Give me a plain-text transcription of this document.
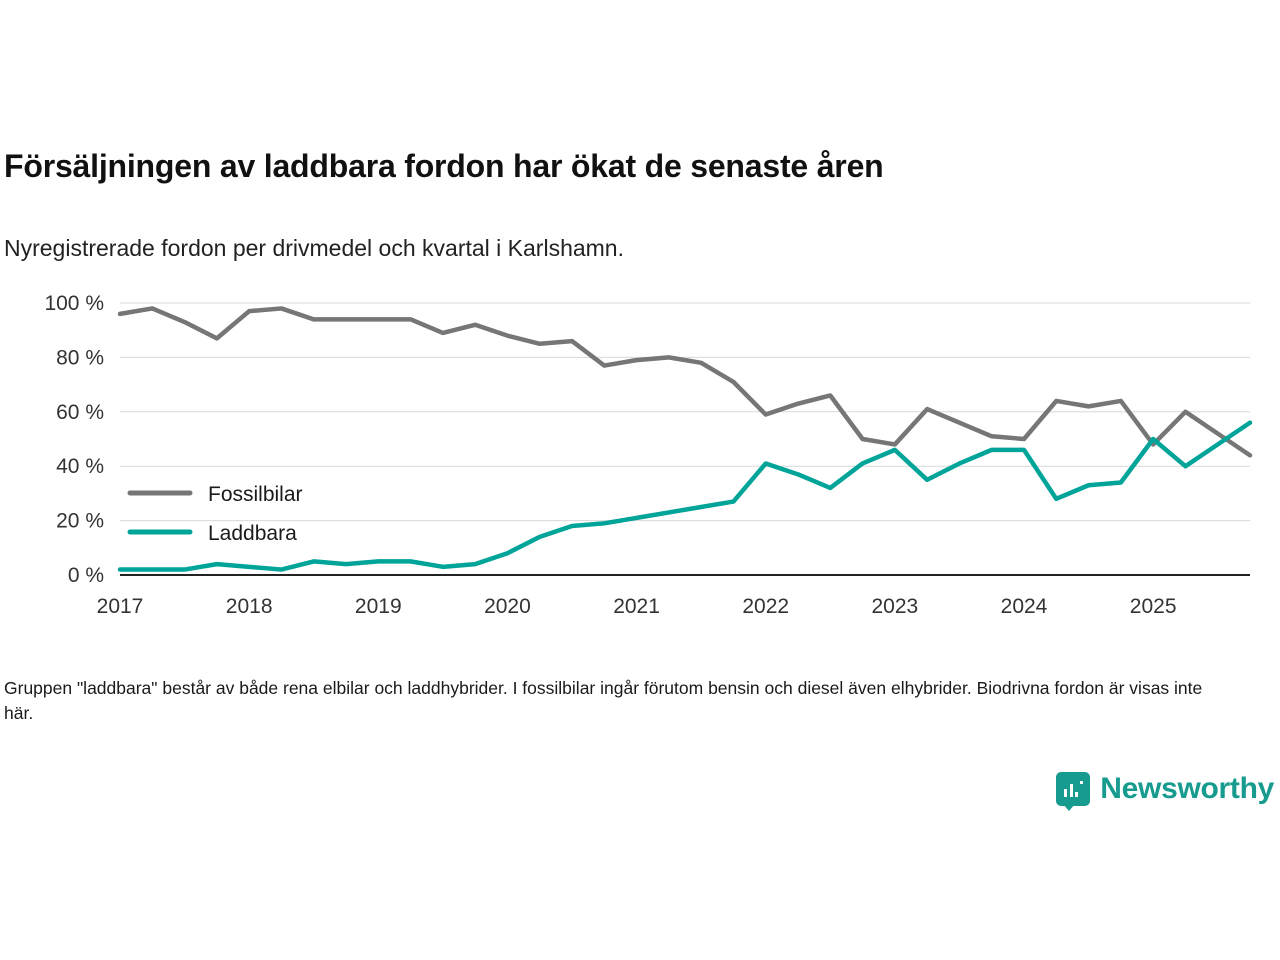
Försäljningen av laddbara fordon har ökat de senaste åren
Nyregistrerade fordon per drivmedel och kvartal i Karlshamn.
0 %
20 %
40 %
60 %
80 %
100 %
2017	2018	2019	2020	2021	2022	2023	2024	2025
Fossilbilar
Laddbara
Gruppen "laddbara" består av både rena elbilar och laddhybrider. I fossilbilar ingår förutom bensin och diesel även elhybrider. Biodrivna fordon är visas inte här.
Newsworthy
